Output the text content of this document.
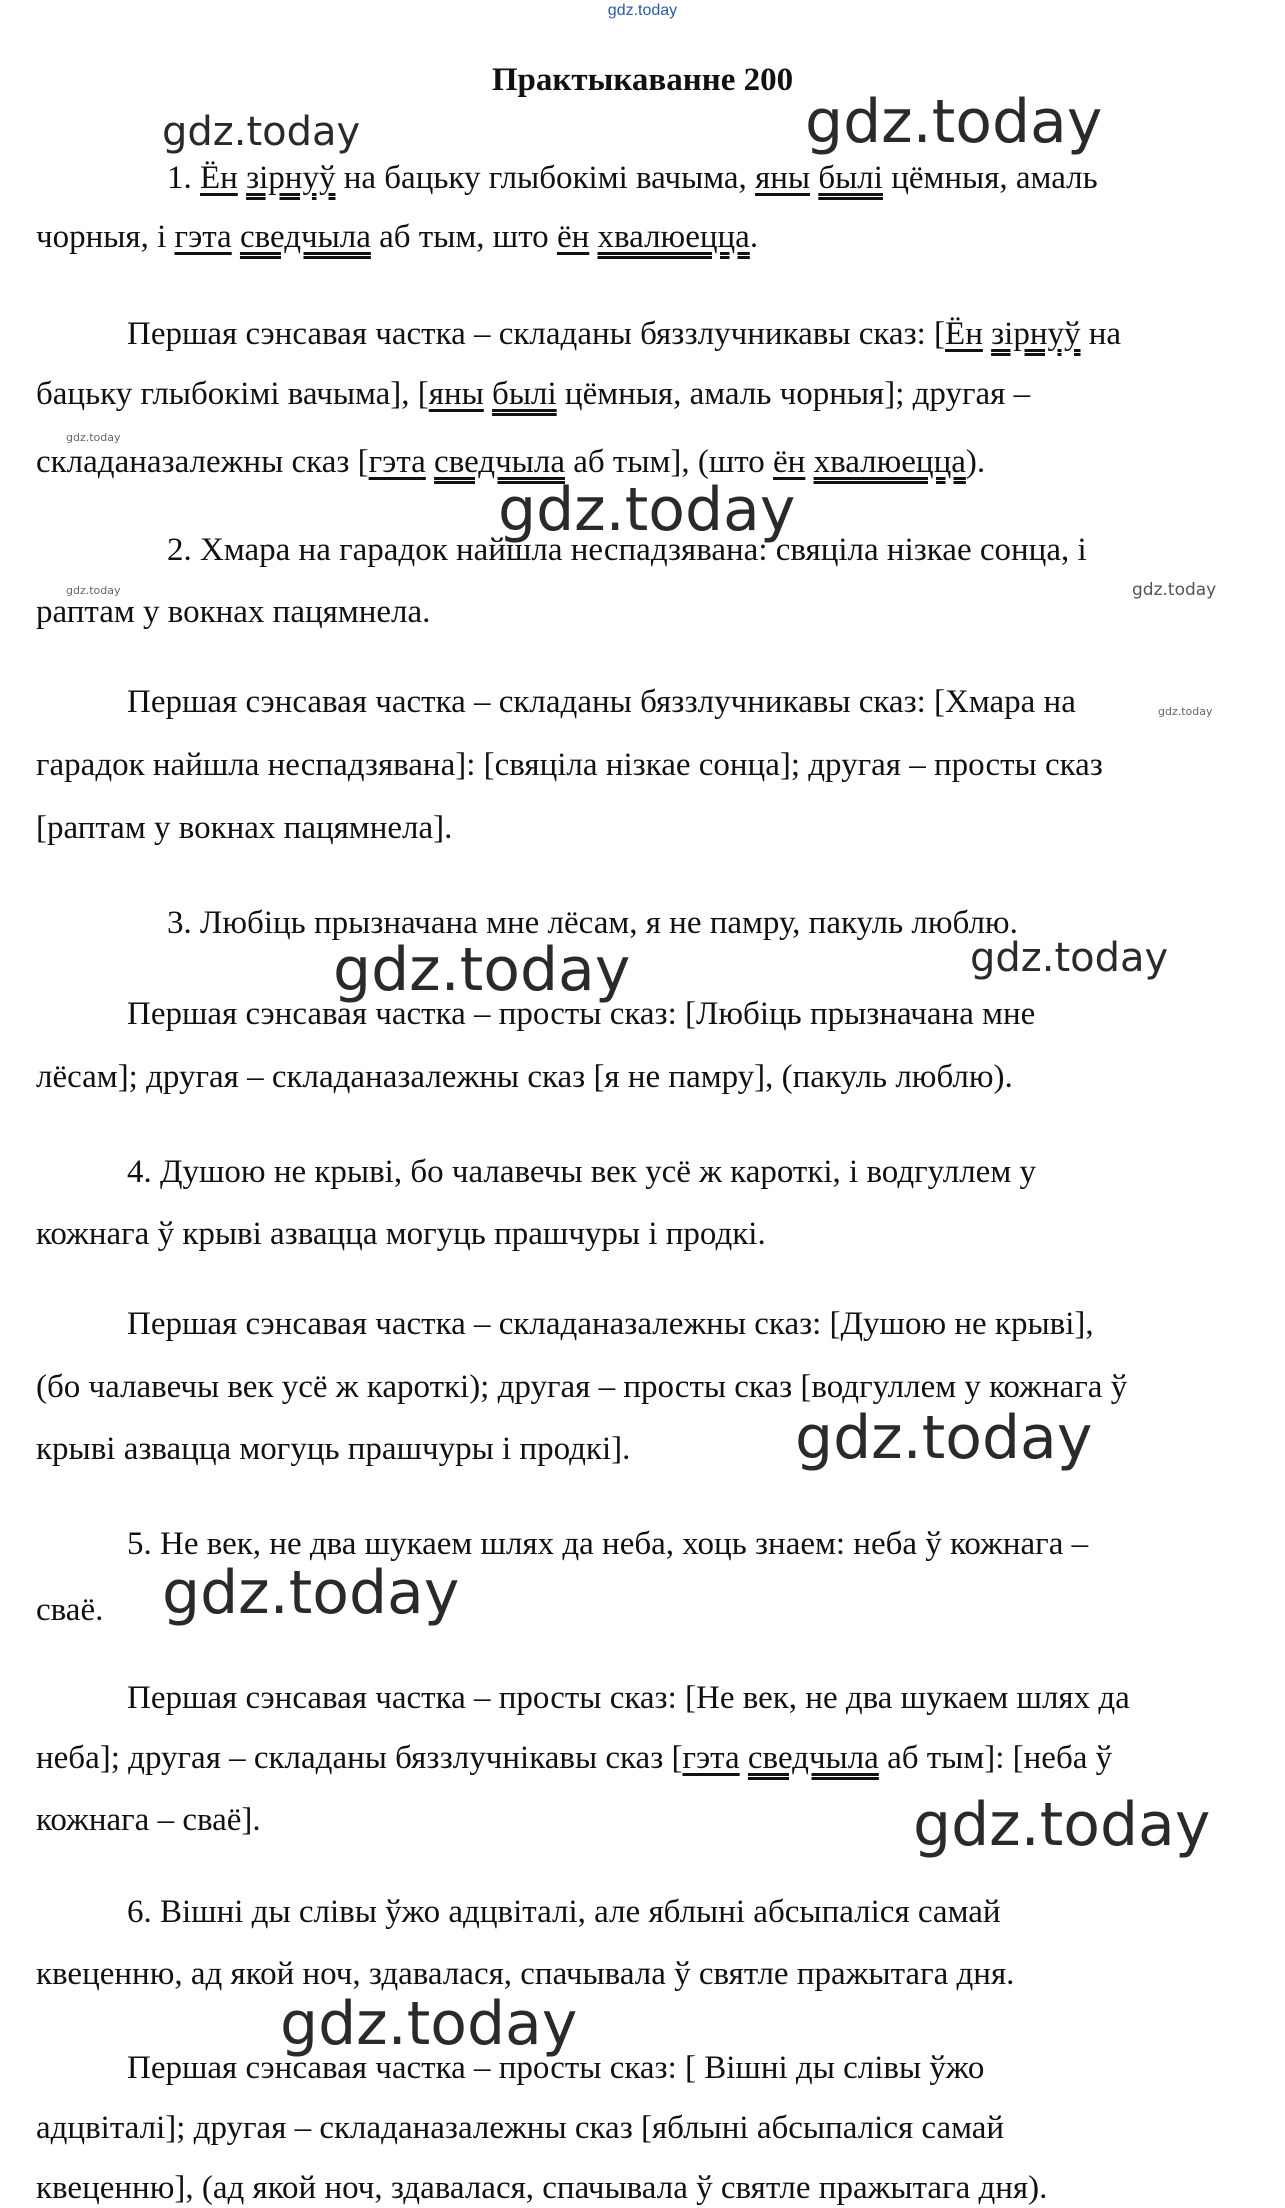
gdz.today
Практыкаванне 200
1. Ён зірнуў на бацьку глыбокімі вачыма, яны былі цёмныя, амаль
чорныя, і гэта сведчыла аб тым, што ён хвалюецца.
Першая сэнсавая частка – складаны бяззлучникавы сказ: [Ён зірнуў на
бацьку глыбокімі вачыма], [яны былі цёмныя, амаль чорныя]; другая –
складаназалежны сказ [гэта сведчыла аб тым], (што ён хвалюецца).
2. Хмара на гарадок найшла неспадзявана: свяціла нізкае сонца, і
раптам у вокнах пацямнела.
Першая сэнсавая частка – складаны бяззлучникавы сказ: [Хмара на
гарадок найшла неспадзявана]: [свяціла нізкае сонца]; другая – просты сказ
[раптам у вокнах пацямнела].
3. Любіць прызначана мне лёсам, я не памру, пакуль люблю.
Першая сэнсавая частка – просты сказ: [Любіць прызначана мне
лёсам]; другая – складаназалежны сказ [я не памру], (пакуль люблю).
4. Душою не крыві, бо чалавечы век усё ж кароткі, і водгуллем у
кожнага ў крыві азвацца могуць прашчуры і продкі.
Першая сэнсавая частка – складаназалежны сказ: [Душою не крыві],
(бо чалавечы век усё ж кароткі); другая – просты сказ [водгуллем у кожнага ў
крыві азвацца могуць прашчуры і продкі].
5. Не век, не два шукаем шлях да неба, хоць знаем: неба ў кожнага –
сваё.
Першая сэнсавая частка – просты сказ: [Не век, не два шукаем шлях да
неба]; другая – складаны бяззлучнікавы сказ [гэта сведчыла аб тым]: [неба ў
кожнага – сваё].
6. Вішні ды слівы ўжо адцвіталі, але яблыні абсыпаліся самай
квеценню, ад якой ноч, здавалася, спачывала ў святле пражытага дня.
Першая сэнсавая частка – просты сказ: [ Вішні ды слівы ўжо
адцвіталі]; другая – складаназалежны сказ [яблыні абсыпаліся самай
квеценню], (ад якой ноч, здавалася, спачывала ў святле пражытага дня).
gdz.today	gdz.today
gdz.today
gdz.today
gdz.today	gdz.today
gdz.today
gdz.today	gdz.today
gdz.today
gdz.today
gdz.today
gdz.today
